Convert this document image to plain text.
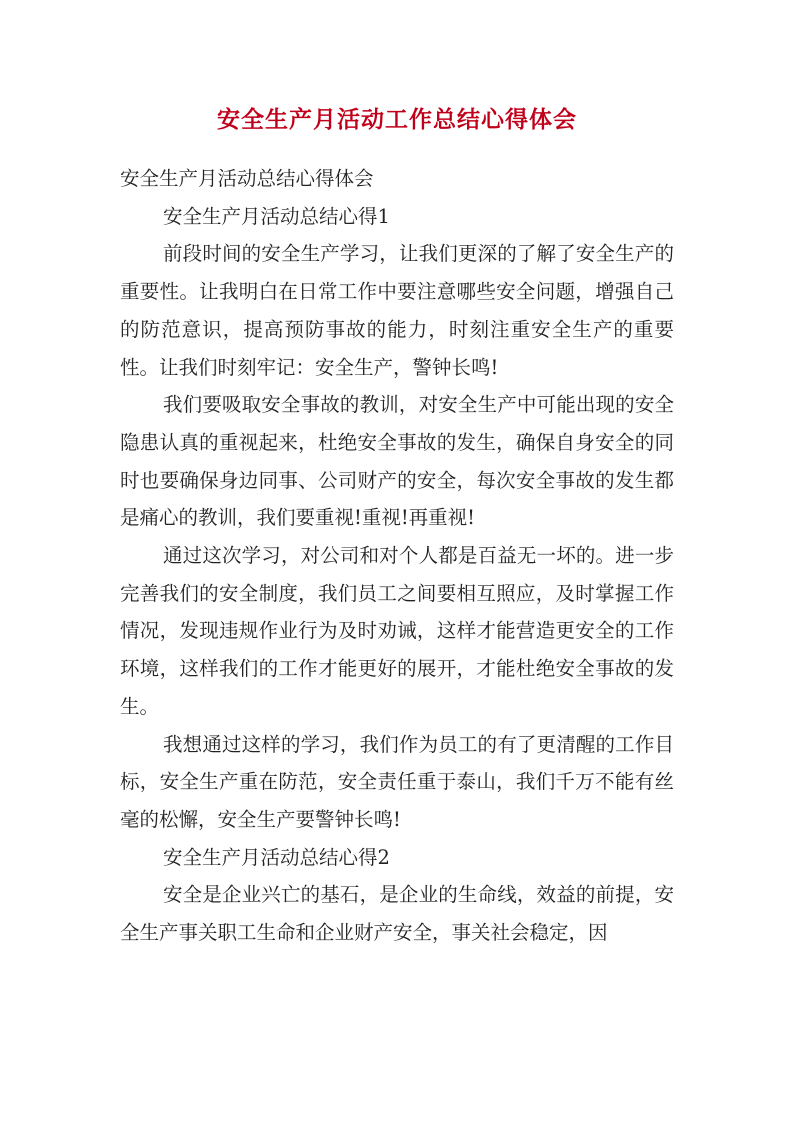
安全生产月活动工作总结心得体会

安全生产月活动总结心得体会

安全生产月活动总结心得1

前段时间的安全生产学习，让我们更深的了解了安全生产的重要性。让我明白在日常工作中要注意哪些安全问题，增强自己的防范意识，提高预防事故的能力，时刻注重安全生产的重要性。让我们时刻牢记：安全生产，警钟长鸣!

我们要吸取安全事故的教训，对安全生产中可能出现的安全隐患认真的重视起来，杜绝安全事故的发生，确保自身安全的同时也要确保身边同事、公司财产的安全，每次安全事故的发生都是痛心的教训，我们要重视!重视!再重视!

通过这次学习，对公司和对个人都是百益无一坏的。进一步完善我们的安全制度，我们员工之间要相互照应，及时掌握工作情况，发现违规作业行为及时劝诫，这样才能营造更安全的工作环境，这样我们的工作才能更好的展开，才能杜绝安全事故的发生。

我想通过这样的学习，我们作为员工的有了更清醒的工作目标，安全生产重在防范，安全责任重于泰山，我们千万不能有丝毫的松懈，安全生产要警钟长鸣!

安全生产月活动总结心得2

安全是企业兴亡的基石，是企业的生命线，效益的前提，安全生产事关职工生命和企业财产安全，事关社会稳定，因
